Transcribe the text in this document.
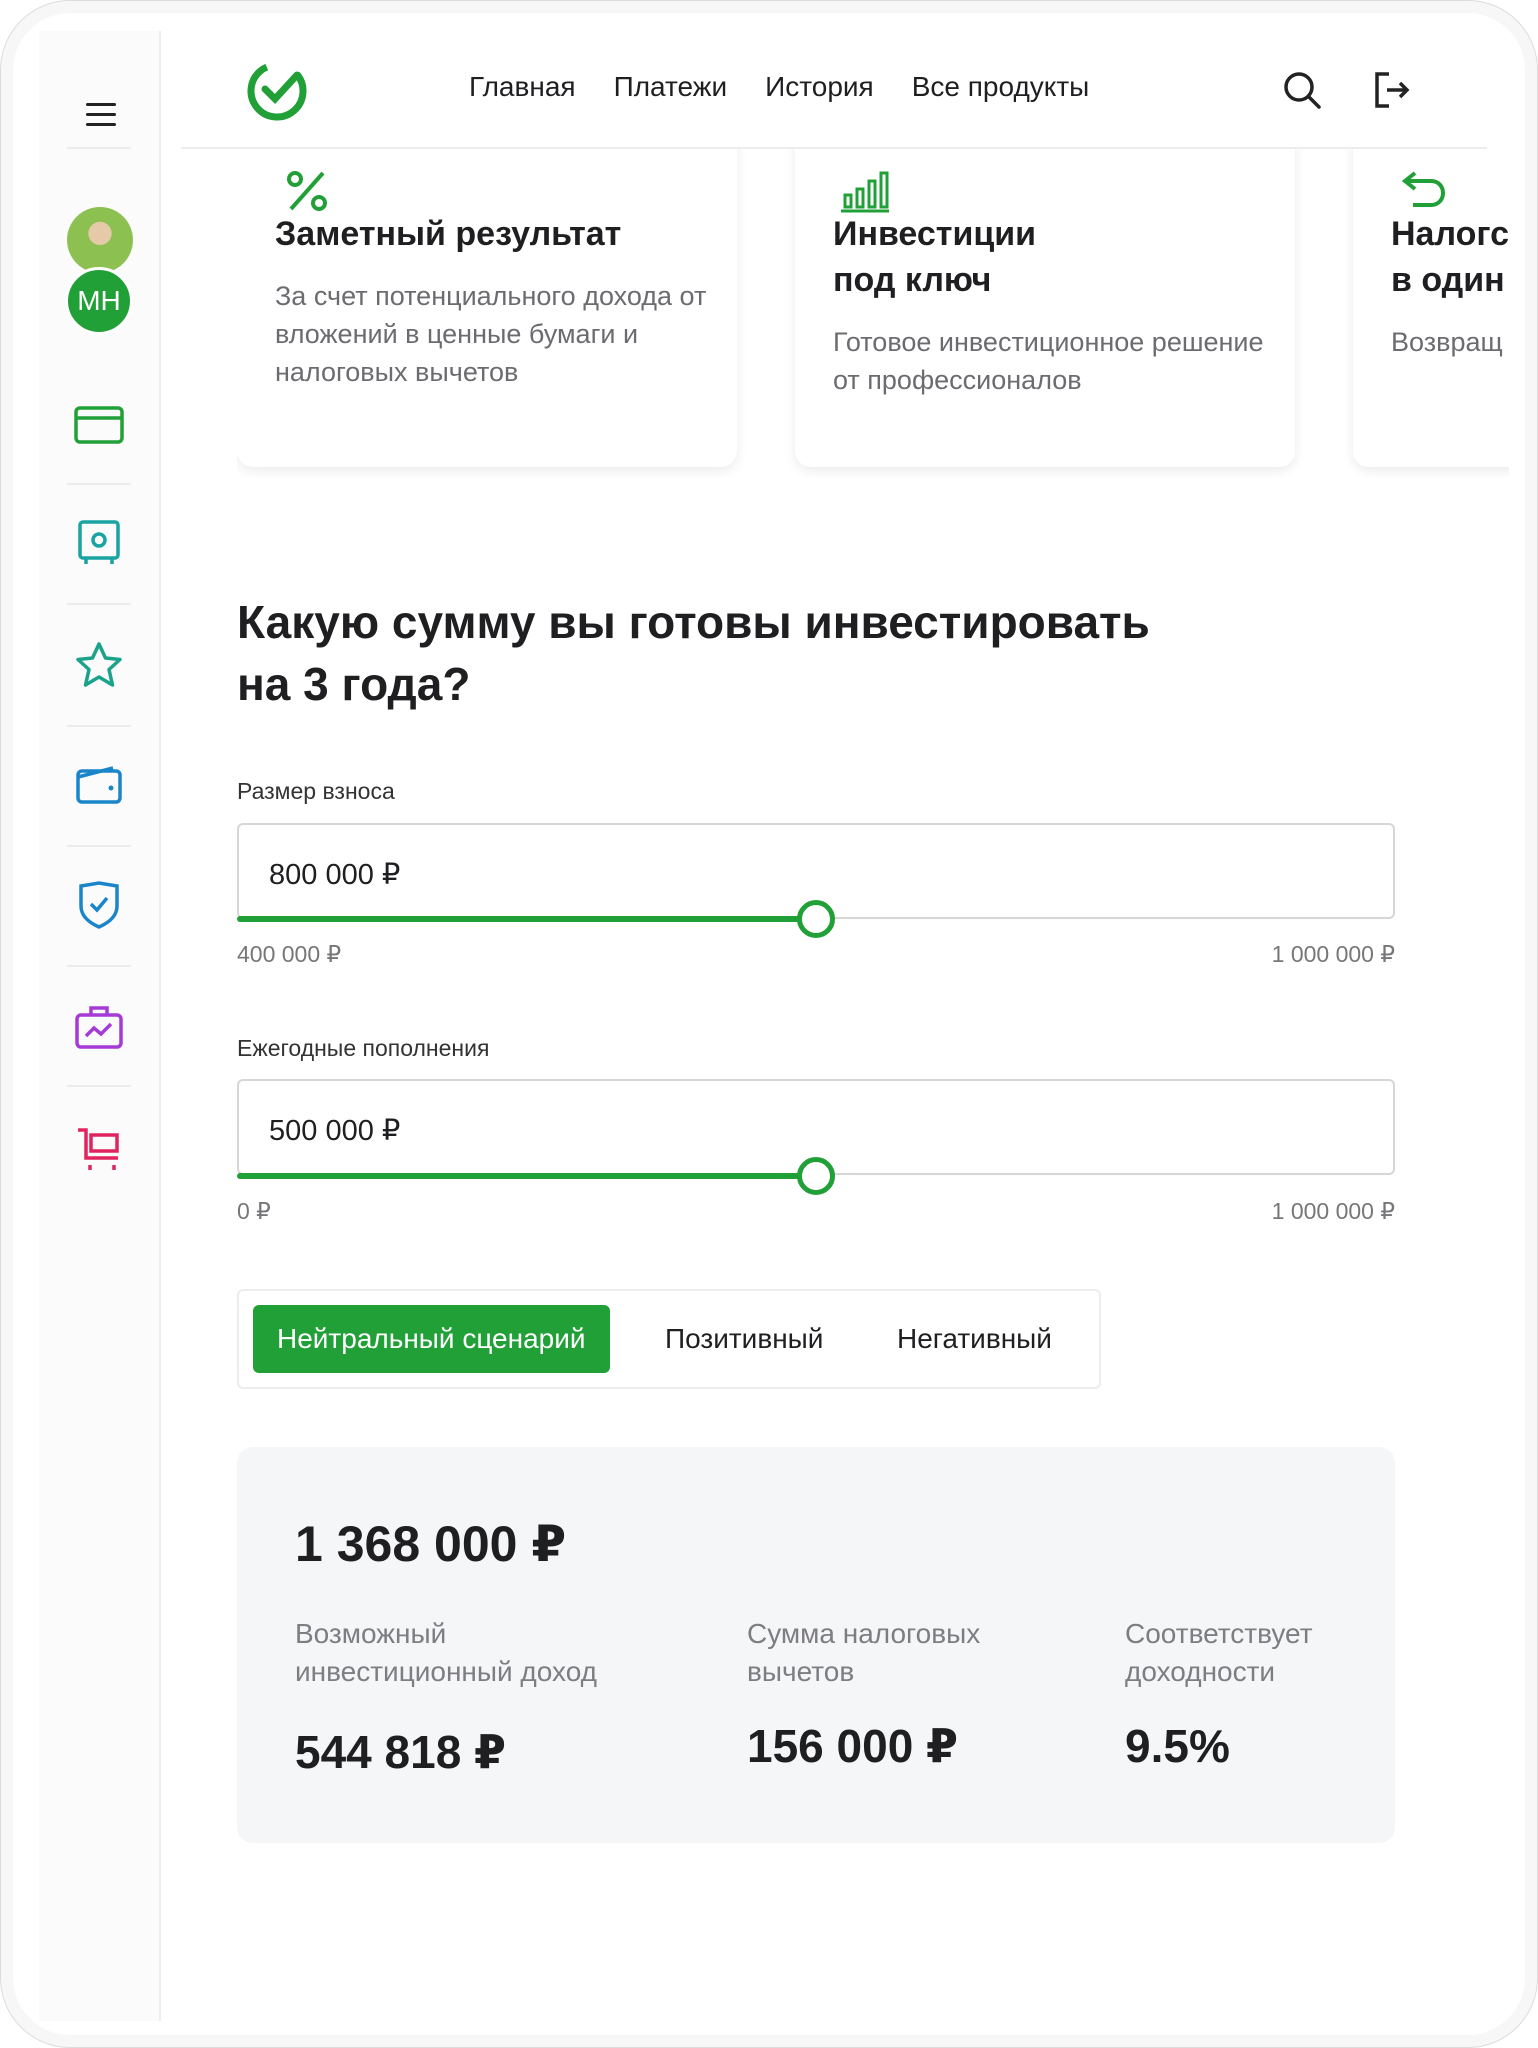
МН
Главная Платежи История Все продукты
Заметный результат

За счет потенциального дохода от вложений в ценные бумаги и налоговых вычетов

Инвестиции
под ключ

Готовое инвестиционное решение от профессионалов

Налогс
в один

Возвращ

Какую сумму вы готовы инвестировать
на 3 года?
Размер взноса
800 000 ₽
400 000 ₽	1 000 000 ₽
Ежегодные пополнения
500 000 ₽
0 ₽	1 000 000 ₽
Нейтральный сценарий	Позитивный	Негативный
1 368 000 ₽
Возможный
инвестиционный доход
544 818 ₽
Сумма налоговых
вычетов
156 000 ₽
Соответствует
доходности
9.5%
